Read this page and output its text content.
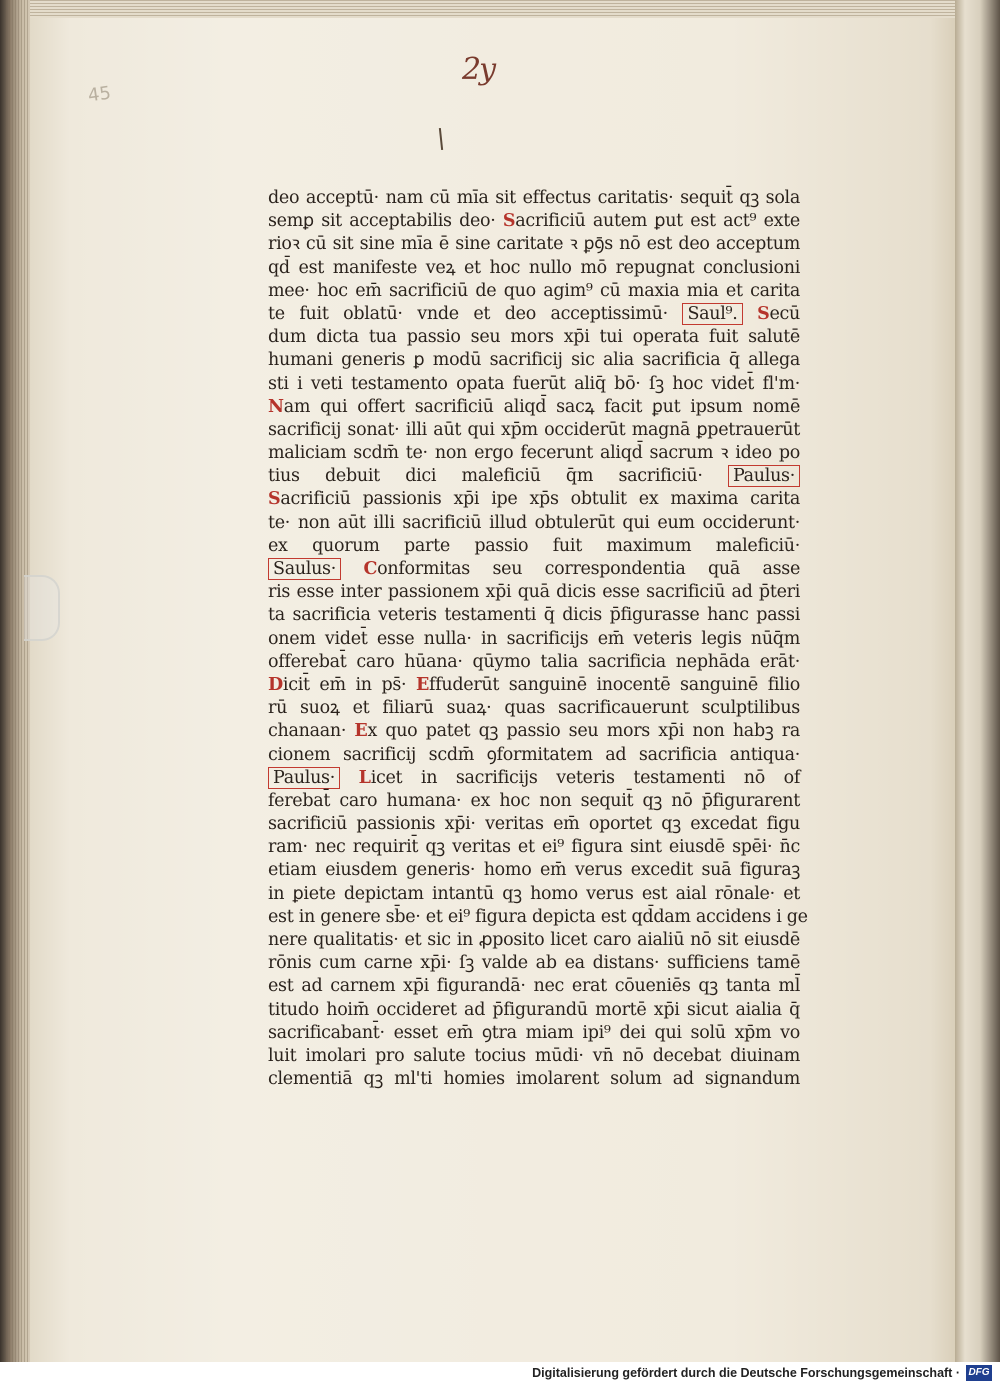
2y
45
deo acceptū· nam cū mīa sit effectus caritatis· sequit̄ qꝫ sola
semꝑ sit acceptabilis deo· Sacrificiū autem ꝑut est act⁹ exte
rioꝛ cū sit sine mīa ē sine caritate ꝛ ꝑꝯ̄s nō est deo acceptum
qd̄ est manifeste veꝝ et hoc nullo mō repugnat conclusioni
mee· hoc em̄ sacrificiū de quo agim⁹ cū maxia mia et carita
te fuit oblatū· vnde et deo acceptissimū· Saul⁹. Secū
dum dicta tua passio seu mors xp̄i tui operata fuit salutē
humani generis ꝑ modū sacrificij sic alia sacrificia q̄ allega
sti i veti testamento opata fuerūt aliq̄ bō· ſꝫ hoc videt̄ fl'm·
Nam qui offert sacrificiū aliqd̄ sacꝝ facit ꝑut ipsum nomē
sacrificij sonat· illi aūt qui xp̄m occiderūt magnā ꝑpetrauerūt
maliciam scdm̄ te· non ergo fecerunt aliqd̄ sacrum ꝛ ideo po
tius debuit dici maleficiū q̄m sacrificiū· Paulus·
Sacrificiū passionis xp̄i ipe xp̄s obtulit ex maxima carita
te· non aūt illi sacrificiū illud obtulerūt qui eum occiderunt·
ex quorum parte passio fuit maximum maleficiū·
Saulus· Conformitas seu correspondentia quā asse
ris esse inter passionem xp̄i quā dicis esse sacrificiū ad p̄teri
ta sacrificia veteris testamenti q̄ dicis p̄figurasse hanc passi
onem videt̄ esse nulla· in sacrificijs em̄ veteris legis nūq̄m
offerebat̄ caro hūana· qūymo talia sacrificia nephāda erāt·
Dicit̄ em̄ in ps̄· Effuderūt sanguinē inocentē sanguinē filio
rū suoꝝ et filiarū suaꝝ· quas sacrificauerunt sculptilibus
chanaan· Ex quo patet qꝫ passio seu mors xp̄i non habꝫ ra
cionem sacrificij scdm̄ ꝯformitatem ad sacrificia antiqua·
Paulus· Licet in sacrificijs veteris testamenti nō of
ferebat̄ caro humana· ex hoc non sequit̄ qꝫ nō p̄figurarent
sacrificiū passionis xp̄i· veritas em̄ oportet qꝫ excedat figu
ram· nec requirit̄ qꝫ veritas et ei⁹ figura sint eiusdē spēi· n̄c
etiam eiusdem generis· homo em̄ verus excedit suā figuraꝫ
in ꝑiete depictam intantū qꝫ homo verus est aial rōnale· et
est in genere sb̄e· et ei⁹ figura depicta est qd̄dam accidens i ge
nere qualitatis· et sic in ꝓposito licet caro aialiū nō sit eiusdē
rōnis cum carne xp̄i· ſꝫ valde ab ea distans· sufficiens tamē
est ad carnem xp̄i figurandā· nec erat cōueniēs qꝫ tanta ml̄
titudo hoim̄ occideret ad p̄figurandū mortē xp̄i sicut aialia q̄
sacrificabant̄· esset em̄ ꝯtra miam ipi⁹ dei qui solū xp̄m vo
luit imolari pro salute tocius mūdi· vn̄ nō decebat diuinam
clementiā qꝫ ml'ti homies imolarent solum ad signandum
Digitalisierung gefördert durch die Deutsche Forschungsgemeinschaft · DFG
